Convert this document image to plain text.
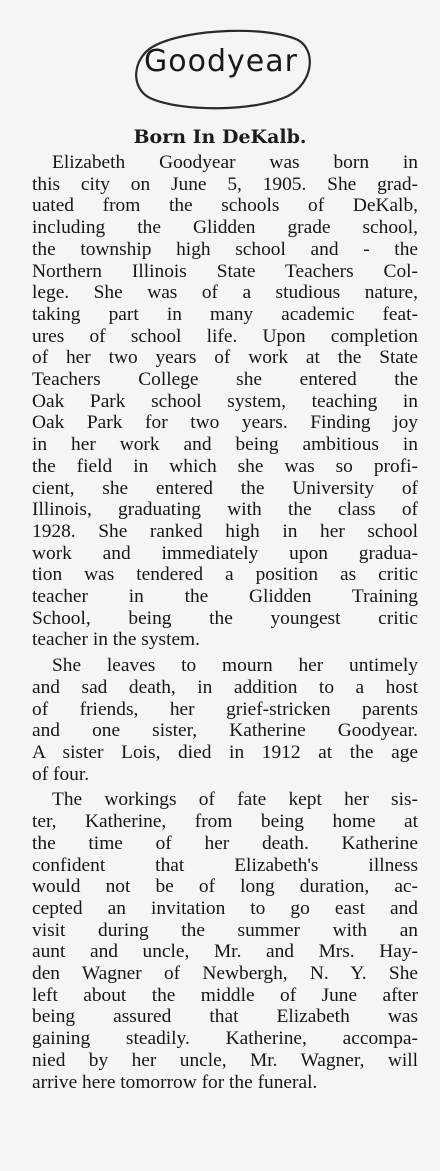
Goodyear
Born In DeKalb.
Elizabeth Goodyear was born in
this city on June 5, 1905. She grad-
uated from the schools of DeKalb,
including the Glidden grade school,
the township high school and - the
Northern Illinois State Teachers Col-
lege. She was of a studious nature,
taking part in many academic feat-
ures of school life. Upon completion
of her two years of work at the State
Teachers College she entered the
Oak Park school system, teaching in
Oak Park for two years. Finding joy
in her work and being ambitious in
the field in which she was so profi-
cient, she entered the University of
Illinois, graduating with the class of
1928. She ranked high in her school
work and immediately upon gradua-
tion was tendered a position as critic
teacher in the Glidden Training
School, being the youngest critic
teacher in the system.
She leaves to mourn her untimely
and sad death, in addition to a host
of friends, her grief-stricken parents
and one sister, Katherine Goodyear.
A sister Lois, died in 1912 at the age
of four.
The workings of fate kept her sis-
ter, Katherine, from being home at
the time of her death. Katherine
confident that Elizabeth's illness
would not be of long duration, ac-
cepted an invitation to go east and
visit during the summer with an
aunt and uncle, Mr. and Mrs. Hay-
den Wagner of Newbergh, N. Y. She
left about the middle of June after
being assured that Elizabeth was
gaining steadily. Katherine, accompa-
nied by her uncle, Mr. Wagner, will
arrive here tomorrow for the funeral.
